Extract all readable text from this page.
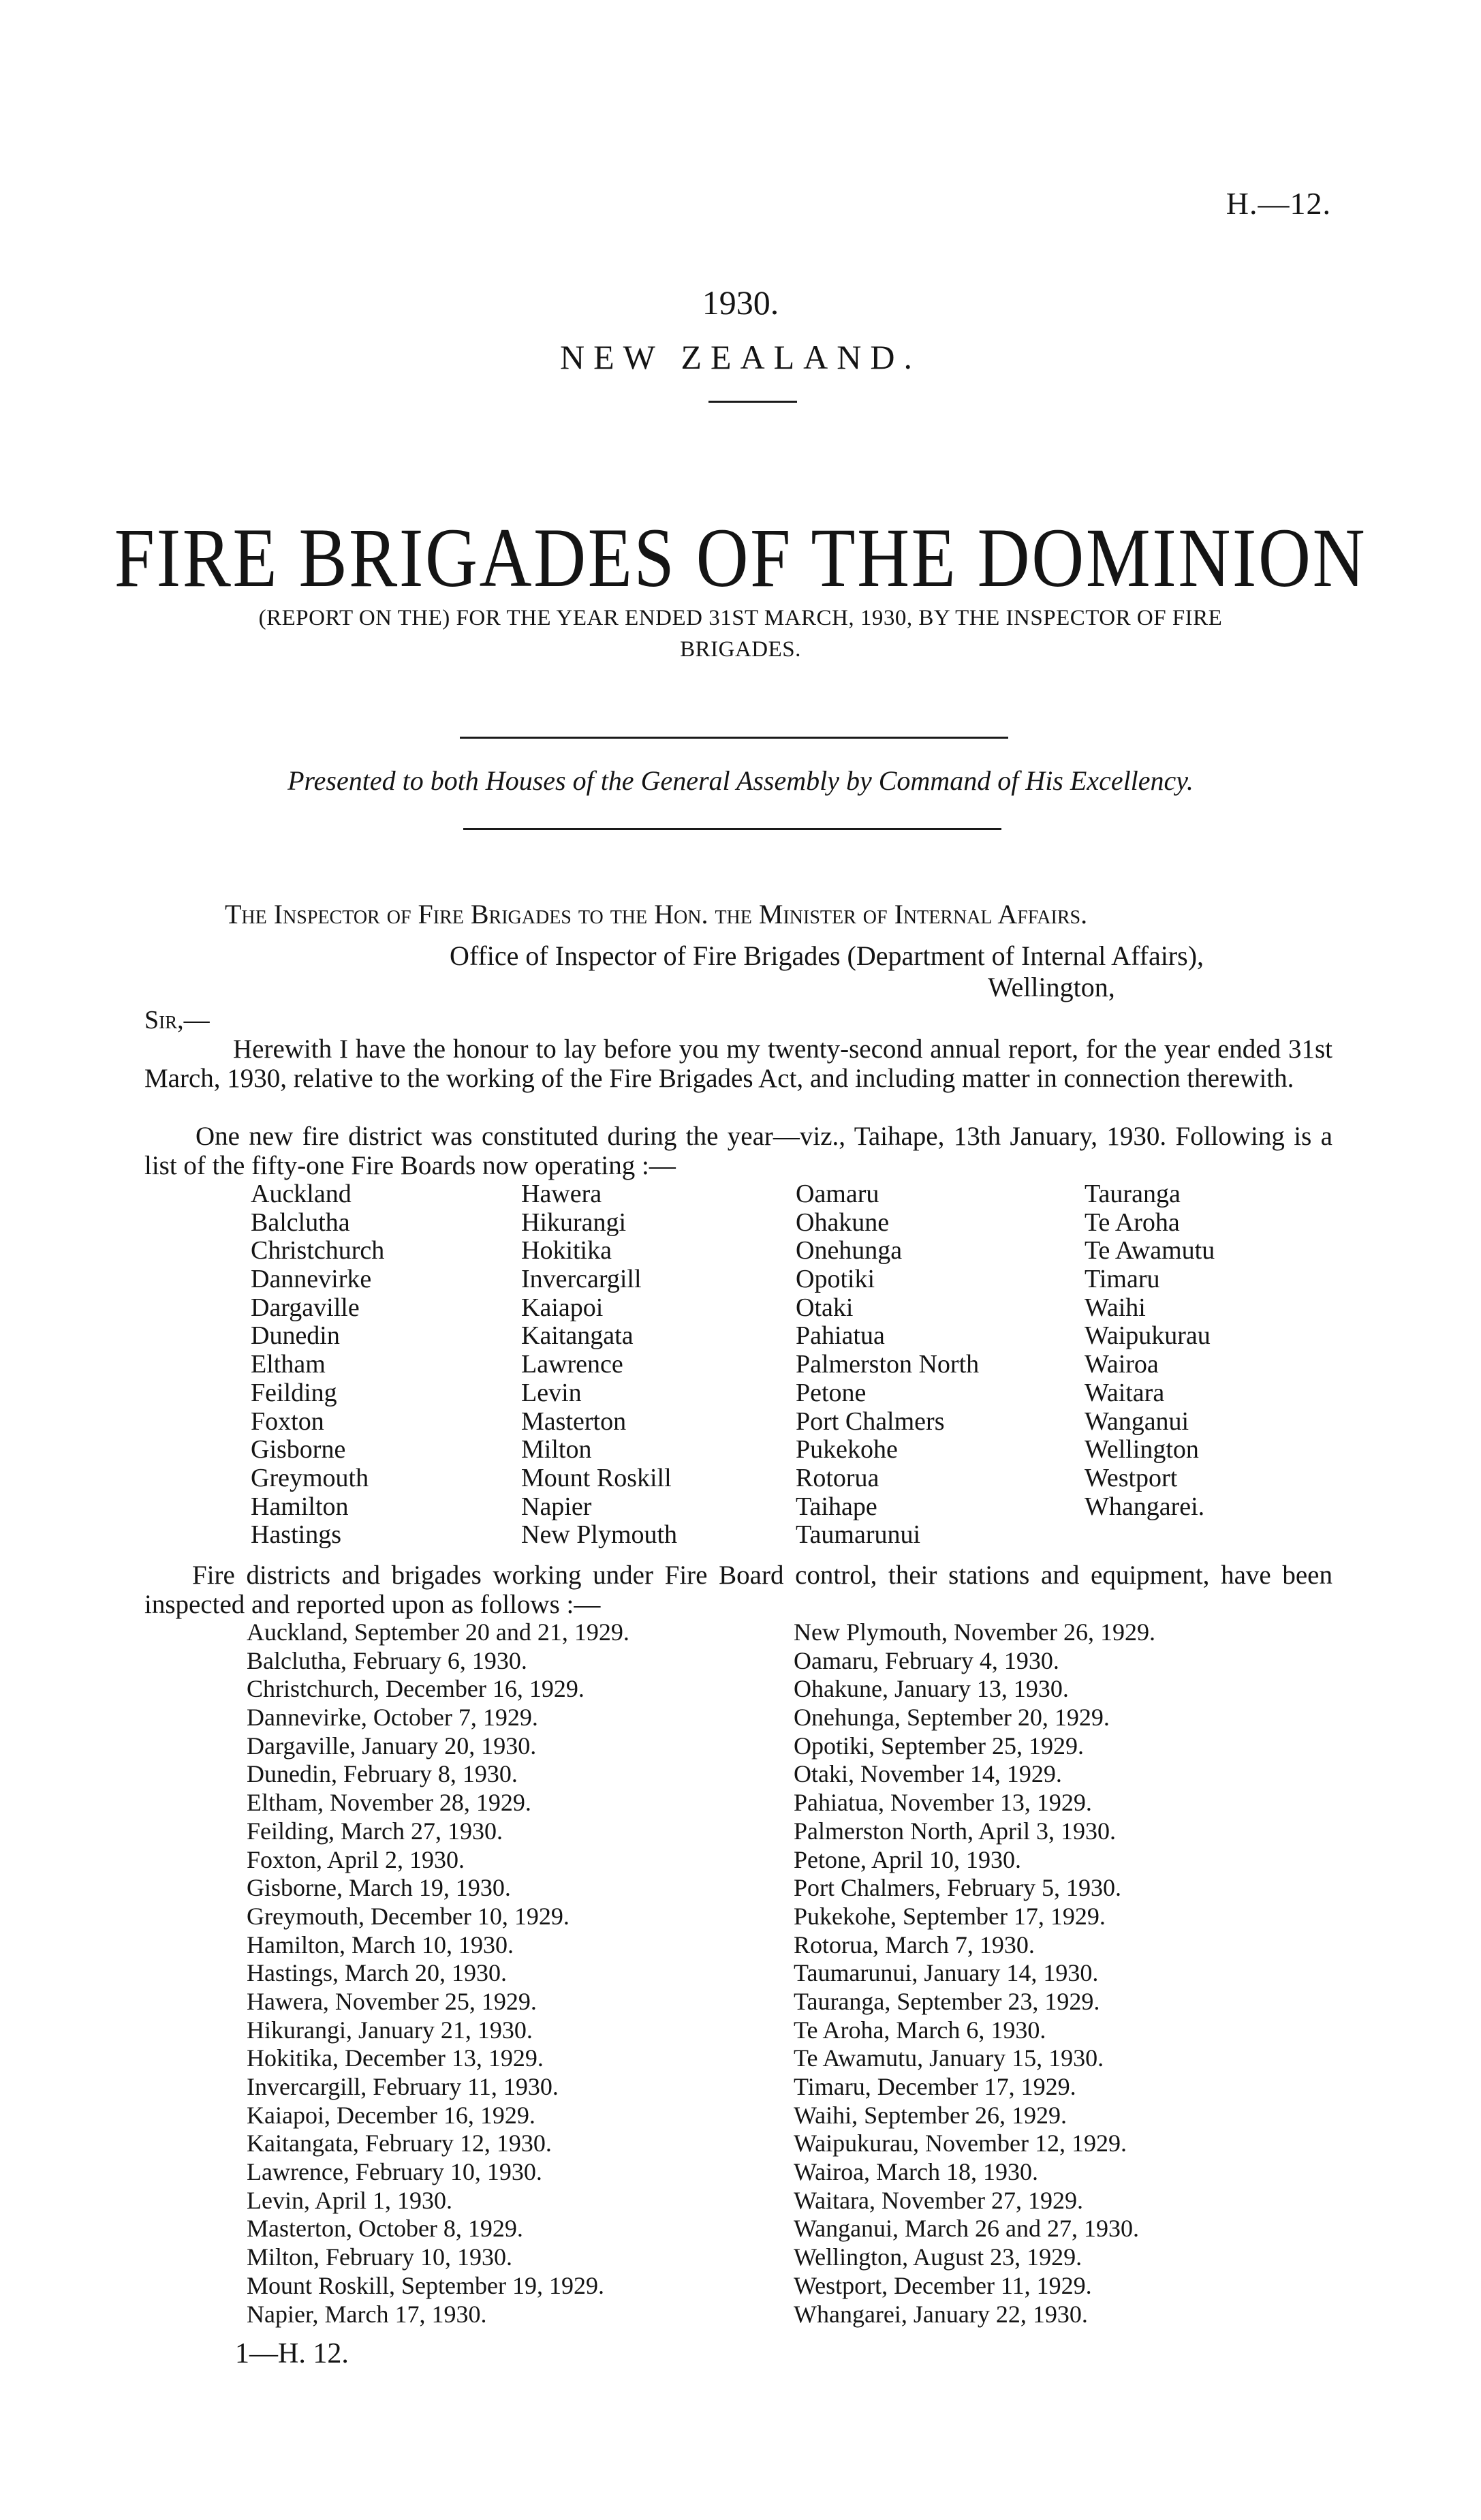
H.—12.
1930.
NEW ZEALAND.
FIRE BRIGADES OF THE DOMINION
(REPORT ON THE) FOR THE YEAR ENDED 31ST MARCH, 1930, BY THE INSPECTOR OF FIRE BRIGADES.
Presented to both Houses of the General Assembly by Command of His Excellency.
The Inspector of Fire Brigades to the Hon. the Minister of Internal Affairs.
Office of Inspector of Fire Brigades (Department of Internal Affairs),
Wellington,
Sir,—
Herewith I have the honour to lay before you my twenty-second annual report, for the year ended 31st March, 1930, relative to the working of the Fire Brigades Act, and including matter in connection therewith.
One new fire district was constituted during the year—viz., Taihape, 13th January, 1930. Following is a list of the fifty-one Fire Boards now operating :—
Auckland
Balclutha
Christchurch
Dannevirke
Dargaville
Dunedin
Eltham
Feilding
Foxton
Gisborne
Greymouth
Hamilton
Hastings
Hawera
Hikurangi
Hokitika
Invercargill
Kaiapoi
Kaitangata
Lawrence
Levin
Masterton
Milton
Mount Roskill
Napier
New Plymouth
Oamaru
Ohakune
Onehunga
Opotiki
Otaki
Pahiatua
Palmerston North
Petone
Port Chalmers
Pukekohe
Rotorua
Taihape
Taumarunui
Tauranga
Te Aroha
Te Awamutu
Timaru
Waihi
Waipukurau
Wairoa
Waitara
Wanganui
Wellington
Westport
Whangarei.
Fire districts and brigades working under Fire Board control, their stations and equipment, have been inspected and reported upon as follows :—
Auckland, September 20 and 21, 1929.
Balclutha, February 6, 1930.
Christchurch, December 16, 1929.
Dannevirke, October 7, 1929.
Dargaville, January 20, 1930.
Dunedin, February 8, 1930.
Eltham, November 28, 1929.
Feilding, March 27, 1930.
Foxton, April 2, 1930.
Gisborne, March 19, 1930.
Greymouth, December 10, 1929.
Hamilton, March 10, 1930.
Hastings, March 20, 1930.
Hawera, November 25, 1929.
Hikurangi, January 21, 1930.
Hokitika, December 13, 1929.
Invercargill, February 11, 1930.
Kaiapoi, December 16, 1929.
Kaitangata, February 12, 1930.
Lawrence, February 10, 1930.
Levin, April 1, 1930.
Masterton, October 8, 1929.
Milton, February 10, 1930.
Mount Roskill, September 19, 1929.
Napier, March 17, 1930.
New Plymouth, November 26, 1929.
Oamaru, February 4, 1930.
Ohakune, January 13, 1930.
Onehunga, September 20, 1929.
Opotiki, September 25, 1929.
Otaki, November 14, 1929.
Pahiatua, November 13, 1929.
Palmerston North, April 3, 1930.
Petone, April 10, 1930.
Port Chalmers, February 5, 1930.
Pukekohe, September 17, 1929.
Rotorua, March 7, 1930.
Taumarunui, January 14, 1930.
Tauranga, September 23, 1929.
Te Aroha, March 6, 1930.
Te Awamutu, January 15, 1930.
Timaru, December 17, 1929.
Waihi, September 26, 1929.
Waipukurau, November 12, 1929.
Wairoa, March 18, 1930.
Waitara, November 27, 1929.
Wanganui, March 26 and 27, 1930.
Wellington, August 23, 1929.
Westport, December 11, 1929.
Whangarei, January 22, 1930.
1—H. 12.
